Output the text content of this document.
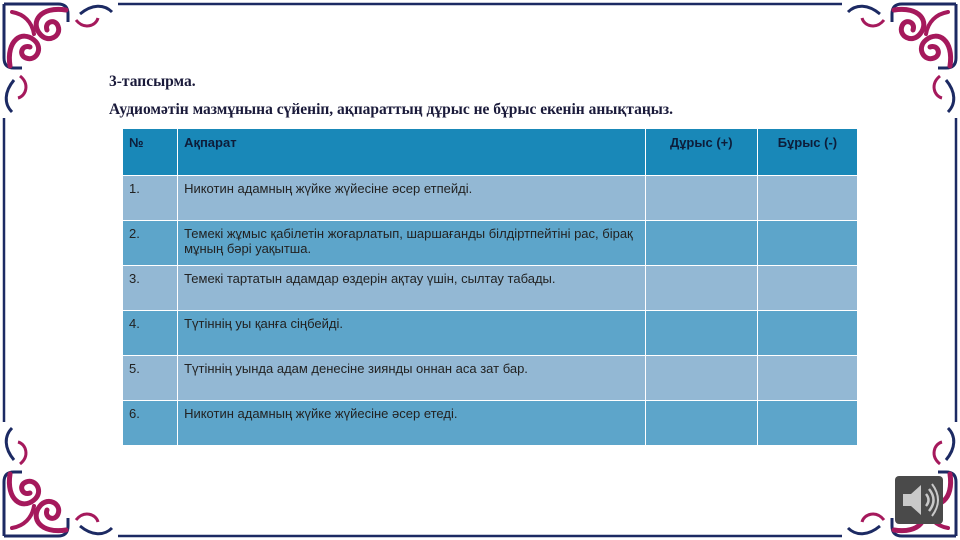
3-тапсырма.
Аудиомәтін мазмұнына сүйеніп, ақпараттың дұрыс не бұрыс екенін анықтаңыз.
№	Ақпарат	Дұрыс (+)	Бұрыс (-)
1.	Никотин адамның жүйке жүйесіне әсер етпейді.		
2.	Темекі жұмыс қабілетін жоғарлатып, шаршағанды білдіртпейтіні рас, бірақ мұның бәрі уақытша.		
3.	Темекі тартатын адамдар өздерін ақтау үшін, сылтау табады.		
4.	Түтіннің уы қанға сіңбейді.		
5.	Түтіннің уында адам денесіне зиянды оннан аса зат бар.		
6.	Никотин адамның жүйке жүйесіне әсер етеді.		
